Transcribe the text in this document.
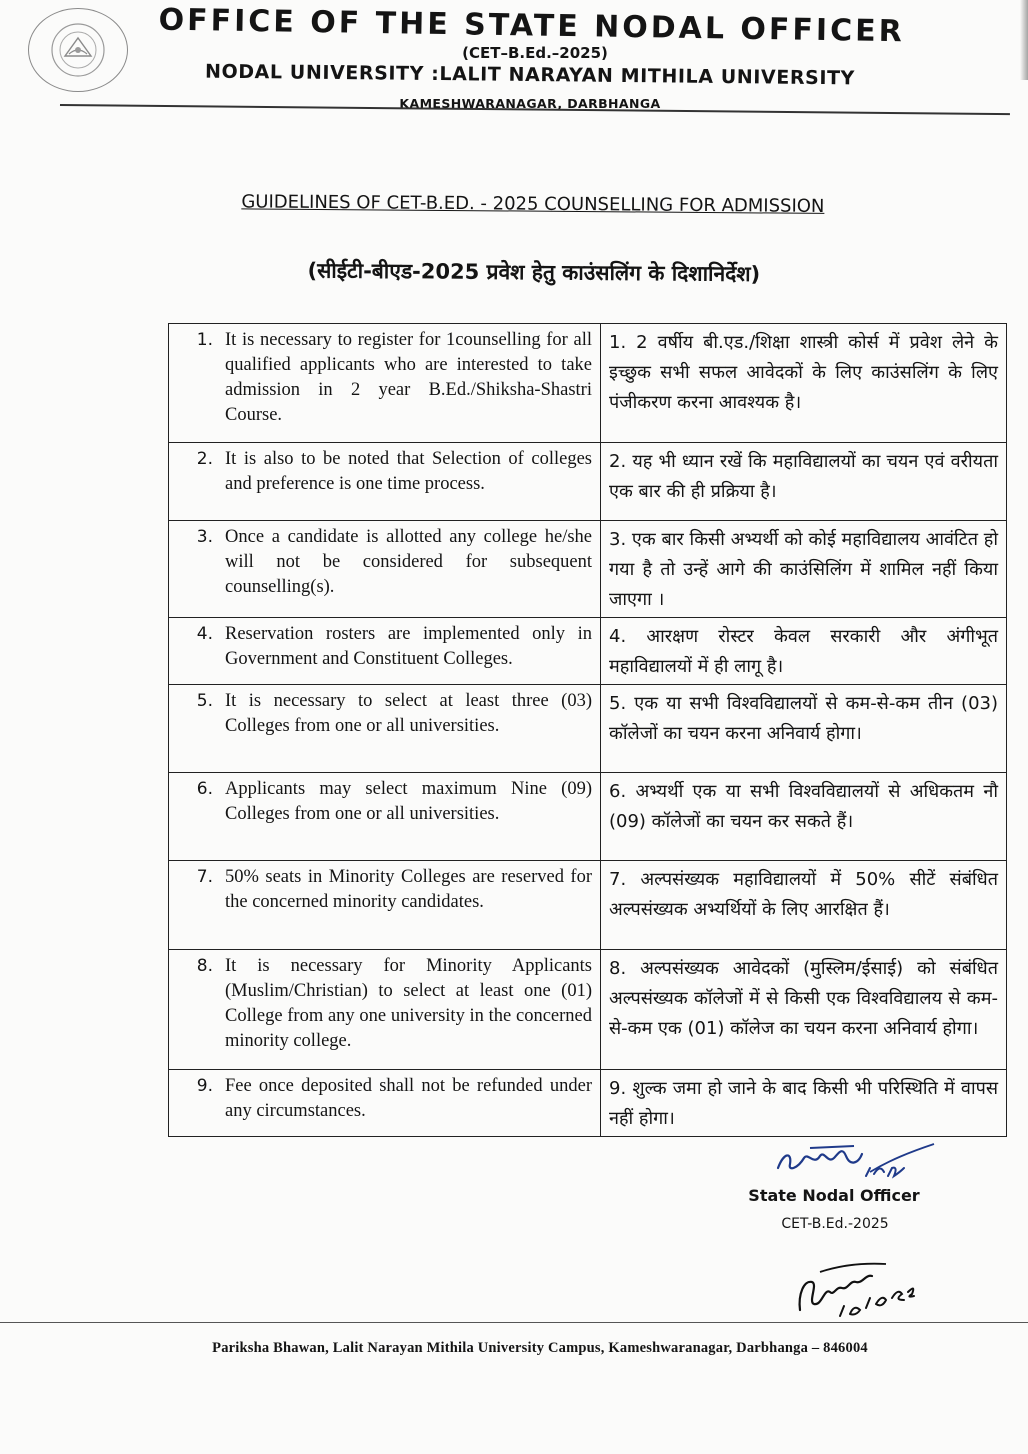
OFFICE OF THE STATE NODAL OFFICER
(CET–B.Ed.–2025)
NODAL UNIVERSITY :LALIT NARAYAN MITHILA UNIVERSITY
KAMESHWARANAGAR, DARBHANGA
GUIDELINES OF CET-B.ED. - 2025 COUNSELLING FOR ADMISSION
(सीईटी-बीएड-2025 प्रवेश हेतु काउंसलिंग के दिशानिर्देश)
1. It is necessary to register for 1counselling for all qualified applicants who are interested to take admission in 2 year B.Ed./Shiksha-Shastri Course.	1. 2 वर्षीय बी.एड./शिक्षा शास्त्री कोर्स में प्रवेश लेने के इच्छुक सभी सफल आवेदकों के लिए काउंसलिंग के लिए पंजीकरण करना आवश्यक है।

2. It is also to be noted that Selection of colleges and preference is one time process.	2. यह भी ध्यान रखें कि महाविद्यालयों का चयन एवं वरीयता एक बार की ही प्रक्रिया है।

3. Once a candidate is allotted any college he/she will not be considered for subsequent counselling(s).	3. एक बार किसी अभ्यर्थी को कोई महाविद्यालय आवंटित हो गया है तो उन्हें आगे की काउंसिलिंग में शामिल नहीं किया जाएगा ।

4. Reservation rosters are implemented only in Government and Constituent Colleges.	4. आरक्षण रोस्टर केवल सरकारी और अंगीभूत महाविद्यालयों में ही लागू है।

5. It is necessary to select at least three (03) Colleges from one or all universities.	5. एक या सभी विश्वविद्यालयों से कम-से-कम तीन (03) कॉलेजों का चयन करना अनिवार्य होगा।

6. Applicants may select maximum Nine (09) Colleges from one or all universities.	6. अभ्यर्थी एक या सभी विश्वविद्यालयों से अधिकतम नौ (09) कॉलेजों का चयन कर सकते हैं।

7. 50% seats in Minority Colleges are reserved for the concerned minority candidates.	7. अल्पसंख्यक महाविद्यालयों में 50% सीटें संबंधित अल्पसंख्यक अभ्यर्थियों के लिए आरक्षित हैं।

8. It is necessary for Minority Applicants (Muslim/Christian) to select at least one (01) College from any one university in the concerned minority college.	8. अल्पसंख्यक आवेदकों (मुस्लिम/ईसाई) को संबंधित अल्पसंख्यक कॉलेजों में से किसी एक विश्वविद्यालय से कम-से-कम एक (01) कॉलेज का चयन करना अनिवार्य होगा।

9. Fee once deposited shall not be refunded under any circumstances.	9. शुल्क जमा हो जाने के बाद किसी भी परिस्थिति में वापस नहीं होगा।
State Nodal Officer
CET-B.Ed.-2025
Pariksha Bhawan, Lalit Narayan Mithila University Campus, Kameshwaranagar, Darbhanga – 846004
